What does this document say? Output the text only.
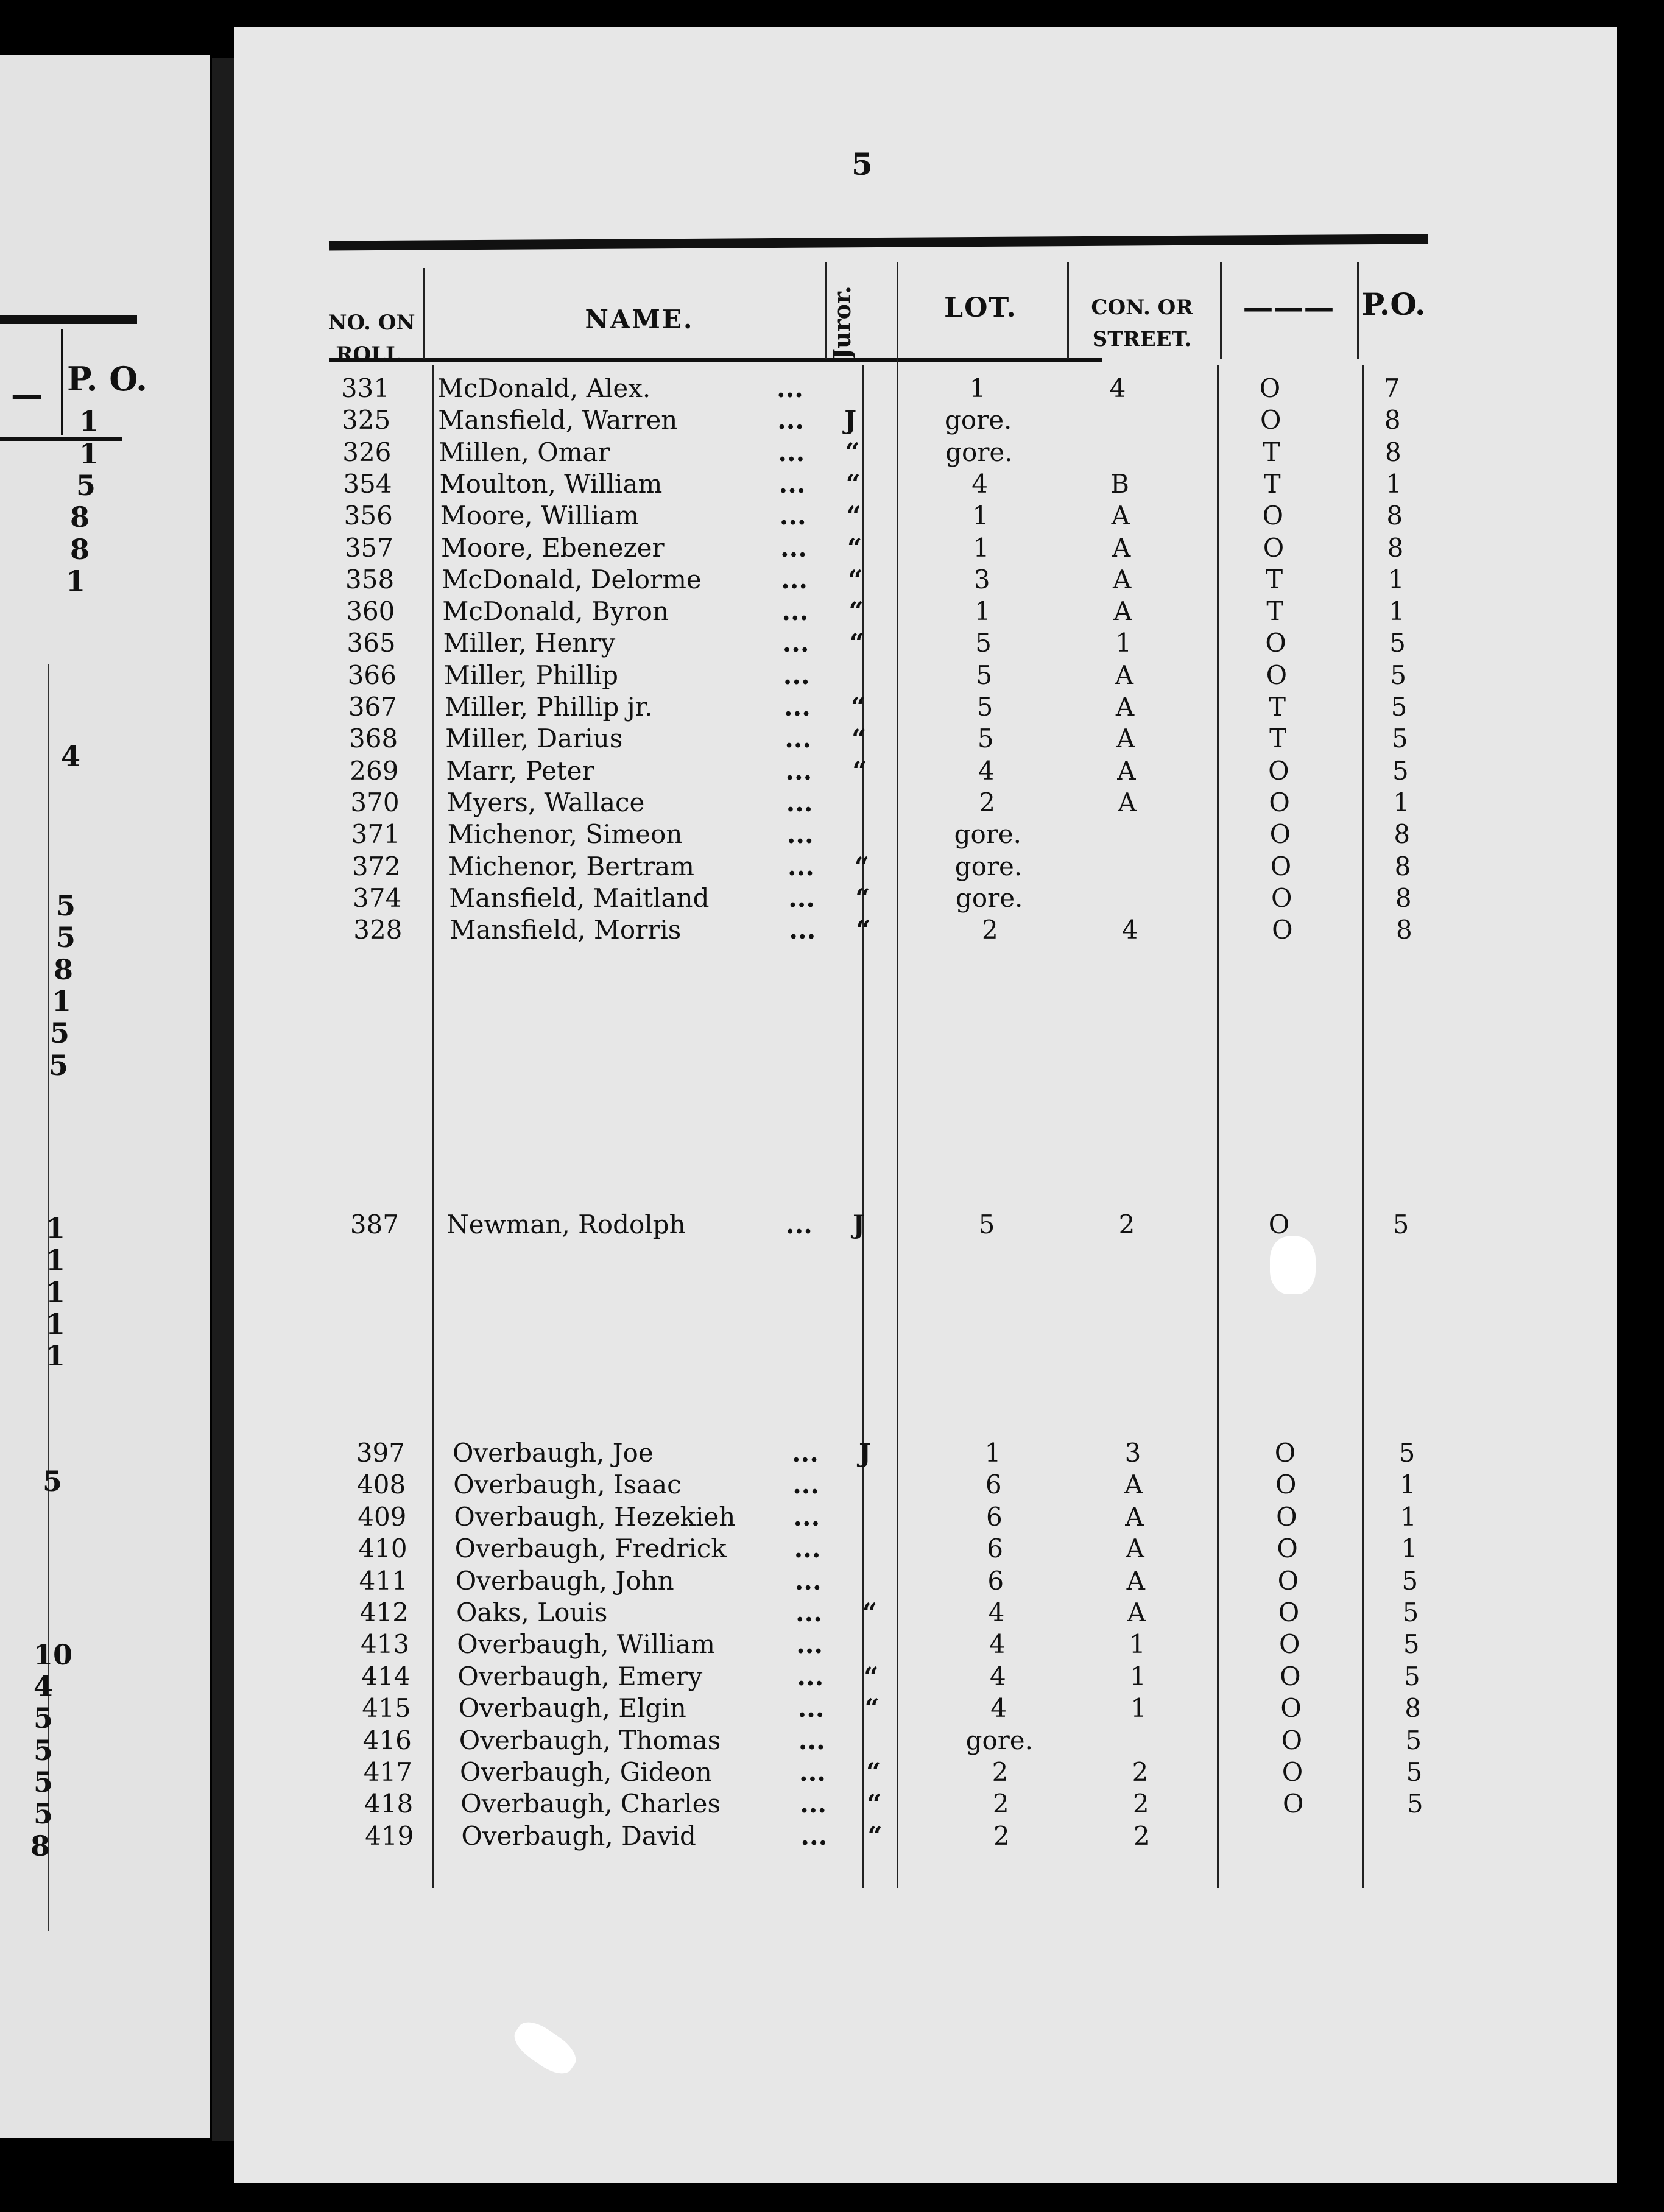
— P. O.
1
1
5
8
8
1
4
5
5
8
1
5
5
1
1
1
1
1
5
10
4
5
5
5
5
8
5
NO. ON
ROLL.
NAME.	Juror.	LOT.	CON. OR
STREET.
——— P.O.
331 McDonald, Alex.	...	1	4	O	7
325 Mansfield, Warren	... J	gore.	O	8
326 Millen, Omar	... “	gore.	T	8
354 Moulton, William	... “	4	B	T	1
356 Moore, William	... “	1	A	O	8
357 Moore, Ebenezer	... “	1	A	O	8
358 McDonald, Delorme	... “	3	A	T	1
360 McDonald, Byron	... “	1	A	T	1
365 Miller, Henry	... “	5	1	O	5
366 Miller, Phillip	...	5	A	O	5
367 Miller, Phillip jr.	... “	5	A	T	5
368 Miller, Darius	... “	5	A	T	5
269 Marr, Peter	... “	4	A	O	5
370 Myers, Wallace	...	2	A	O	1
371 Michenor, Simeon	...	gore.	O	8
372 Michenor, Bertram	... “	gore.	O	8
374 Mansfield, Maitland	... “	gore.	O	8
328 Mansfield, Morris	... “	2	4	O	8
387 Newman, Rodolph	... J	5	2	O	5
397 Overbaugh, Joe	... J	1	3	O	5
408 Overbaugh, Isaac	...	6	A	O	1
409 Overbaugh, Hezekieh ...	6	A	O	1
410 Overbaugh, Fredrick	...	6	A	O	1
411 Overbaugh, John	...	6	A	O	5
412 Oaks, Louis	... “	4	A	O	5
413 Overbaugh, William	...	4	1	O	5
414 Overbaugh, Emery	... “	4	1	O	5
415 Overbaugh, Elgin	... “	4	1	O	8
416 Overbaugh, Thomas	...	gore.	O	5
417 Overbaugh, Gideon	... “	2	2	O	5
418 Overbaugh, Charles	... “	2	2	O	5
419 Overbaugh, David	... “	2	2
